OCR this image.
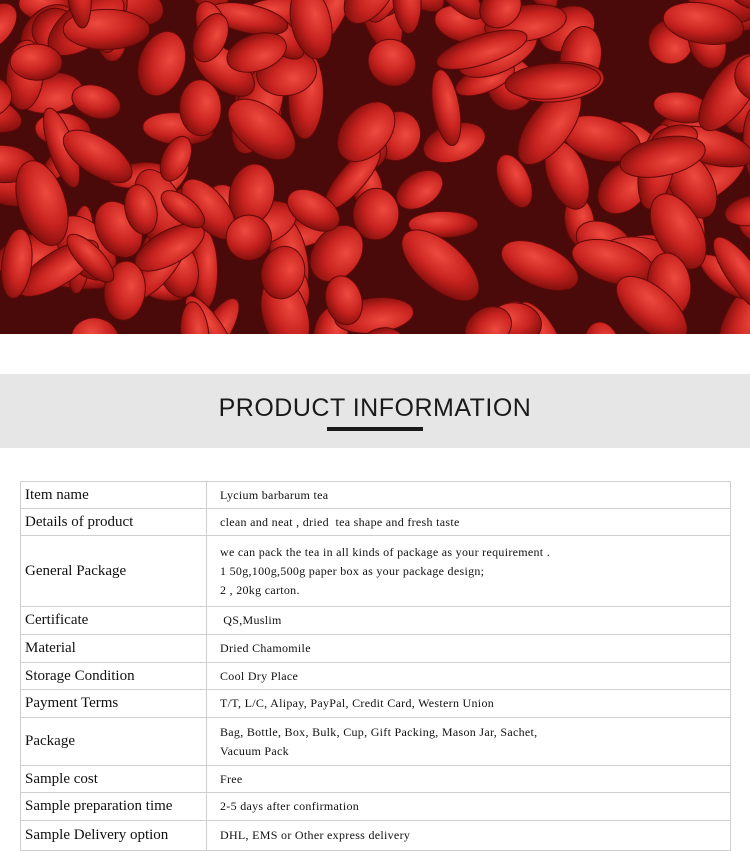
PRODUCT INFORMATION
Item name	Lycium barbarum tea

Details of product	clean and neat , dried  tea shape and fresh taste

General Package	we can pack the tea in all kinds of package as your requirement .
1 50g,100g,500g paper box as your package design;
2 , 20kg carton.

Certificate	QS,Muslim

Material	Dried Chamomile

Storage Condition	Cool Dry Place

Payment Terms	T/T, L/C, Alipay, PayPal, Credit Card, Western Union

Package	Bag, Bottle, Box, Bulk, Cup, Gift Packing, Mason Jar, Sachet,
Vacuum Pack

Sample cost	Free

Sample preparation time	2-5 days after confirmation

Sample Delivery option	DHL, EMS or Other express delivery
